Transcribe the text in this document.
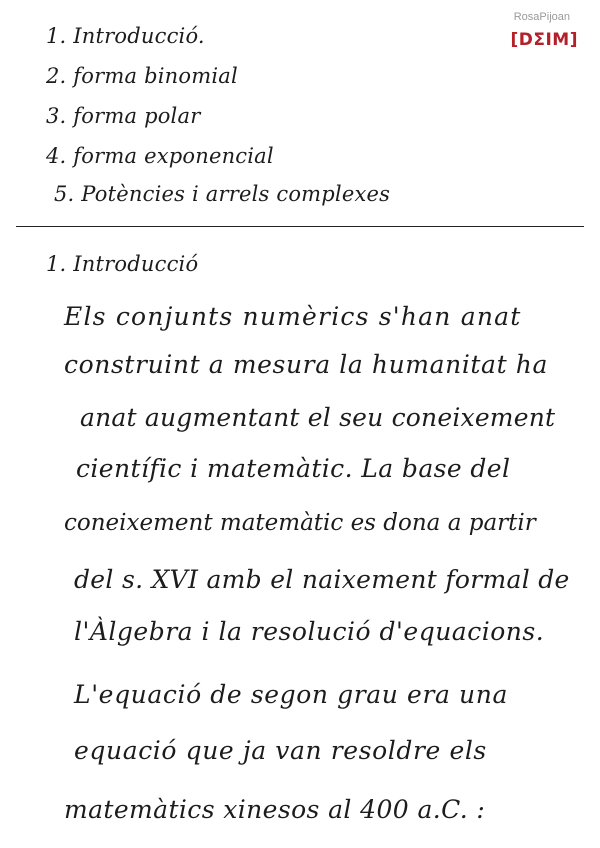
RosaPijoan
[DΣIM]
1. Introducció.
2. forma binomial
3. forma polar
4. forma exponencial
5. Potències i arrels complexes
1. Introducció
Els conjunts numèrics s'han anat
construint a mesura la humanitat ha
anat augmentant el seu coneixement
científic i matemàtic. La base del
coneixement matemàtic es dona a partir
del s. XVI amb el naixement formal de
l'Àlgebra i la resolució d'equacions.
L'equació de segon grau era una
equació que ja van resoldre els
matemàtics xinesos al 400 a.C. :
